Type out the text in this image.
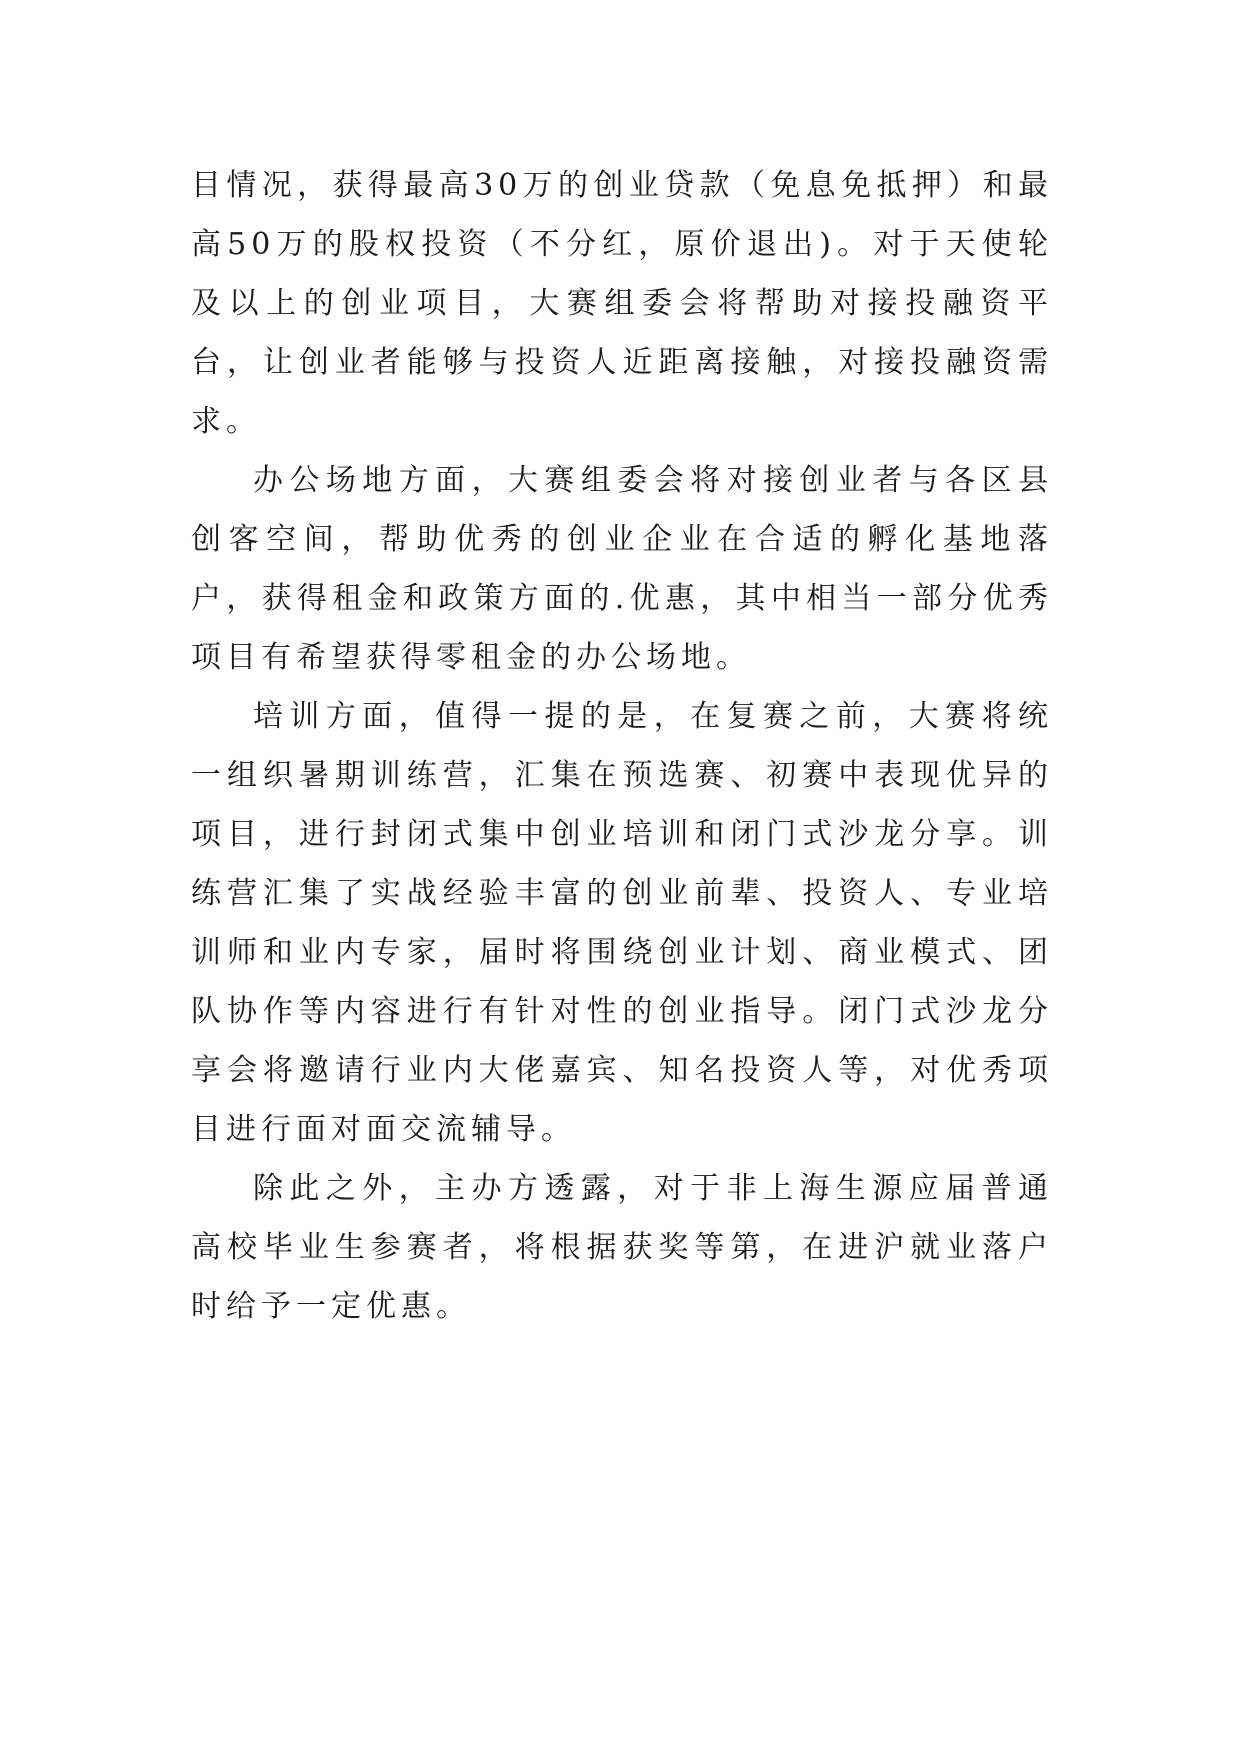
目情况，获得最高30万的创业贷款（免息免抵押）和最高50万的股权投资（不分红，原价退出)。对于天使轮及以上的创业项目，大赛组委会将帮助对接投融资平台，让创业者能够与投资人近距离接触，对接投融资需求。

办公场地方面，大赛组委会将对接创业者与各区县创客空间，帮助优秀的创业企业在合适的孵化基地落户，获得租金和政策方面的.优惠，其中相当一部分优秀项目有希望获得零租金的办公场地。

培训方面，值得一提的是，在复赛之前，大赛将统一组织暑期训练营，汇集在预选赛、初赛中表现优异的项目，进行封闭式集中创业培训和闭门式沙龙分享。训练营汇集了实战经验丰富的创业前辈、投资人、专业培训师和业内专家，届时将围绕创业计划、商业模式、团队协作等内容进行有针对性的创业指导。闭门式沙龙分享会将邀请行业内大佬嘉宾、知名投资人等，对优秀项目进行面对面交流辅导。

除此之外，主办方透露，对于非上海生源应届普通高校毕业生参赛者，将根据获奖等第，在进沪就业落户时给予一定优惠。
